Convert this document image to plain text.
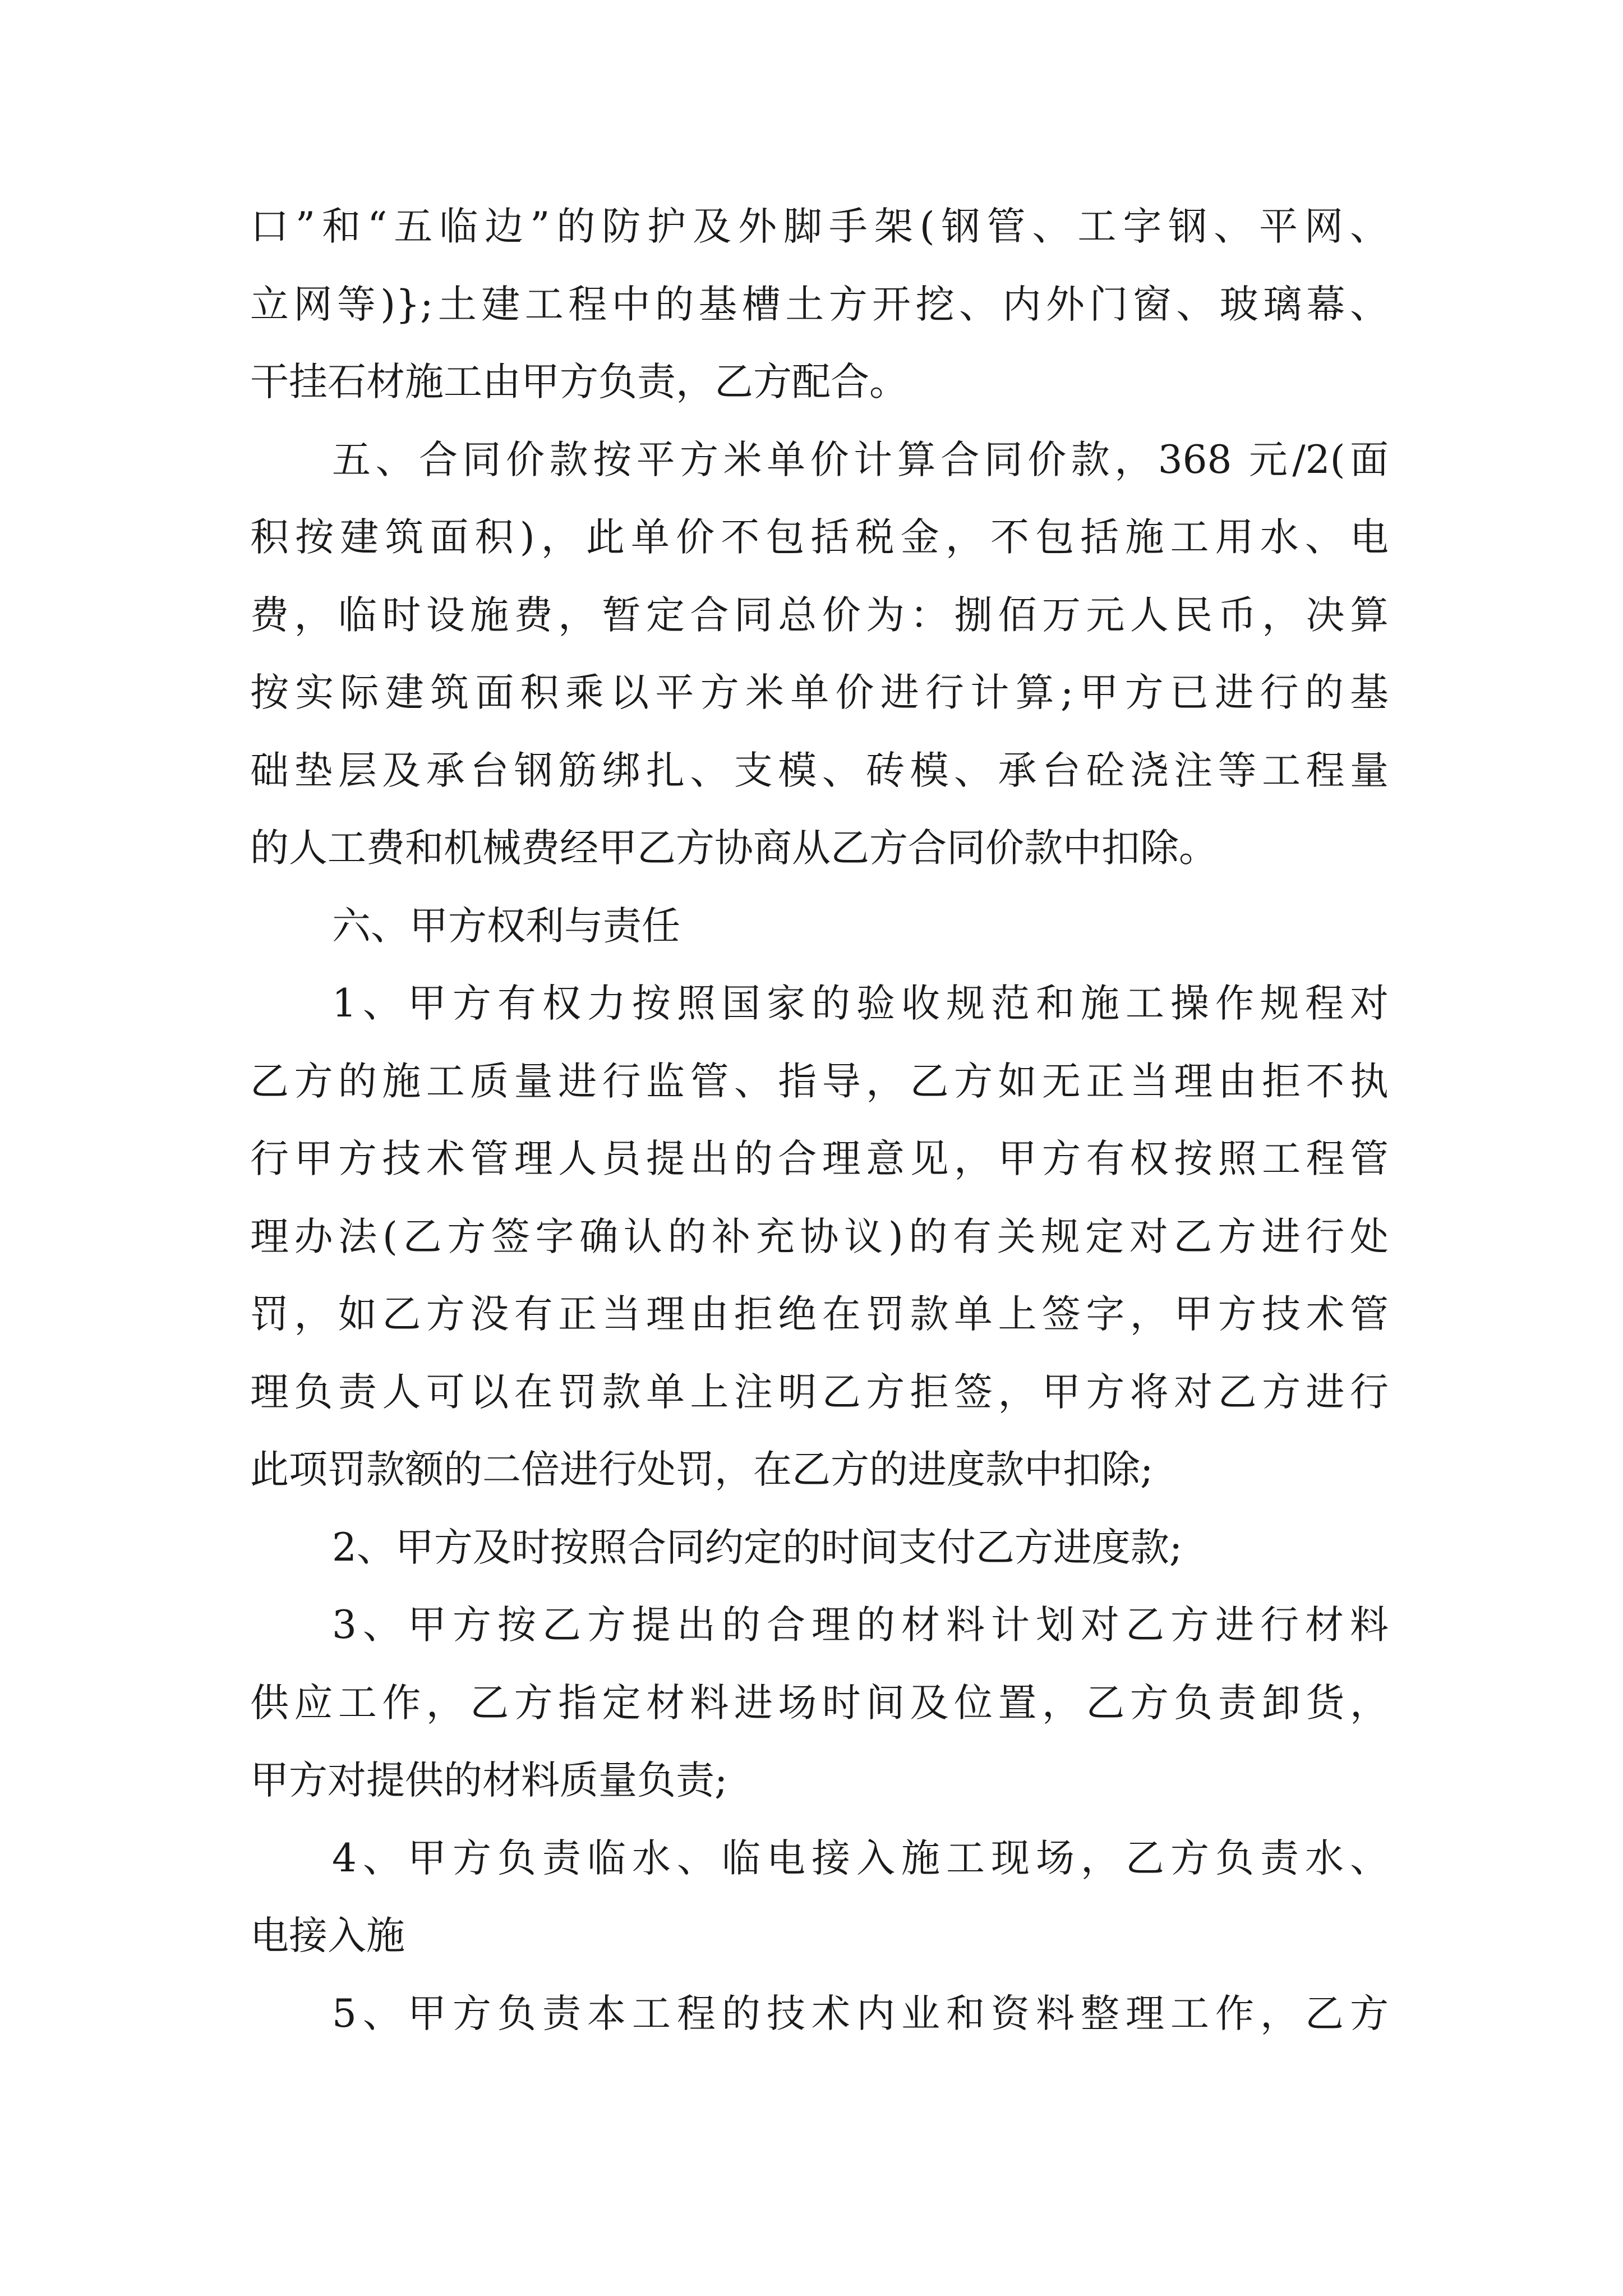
口”和“五临边”的防护及外脚手架(钢管、工字钢、平网、
立网等)};土建工程中的基槽土方开挖、内外门窗、玻璃幕、
干挂石材施工由甲方负责，乙方配合。
五、合同价款按平方米单价计算合同价款，368 元/2(面
积按建筑面积)，此单价不包括税金，不包括施工用水、电
费，临时设施费，暂定合同总价为：捌佰万元人民币，决算
按实际建筑面积乘以平方米单价进行计算;甲方已进行的基
础垫层及承台钢筋绑扎、支模、砖模、承台砼浇注等工程量
的人工费和机械费经甲乙方协商从乙方合同价款中扣除。
六、甲方权利与责任
1、甲方有权力按照国家的验收规范和施工操作规程对
乙方的施工质量进行监管、指导，乙方如无正当理由拒不执
行甲方技术管理人员提出的合理意见，甲方有权按照工程管
理办法(乙方签字确认的补充协议)的有关规定对乙方进行处
罚，如乙方没有正当理由拒绝在罚款单上签字，甲方技术管
理负责人可以在罚款单上注明乙方拒签，甲方将对乙方进行
此项罚款额的二倍进行处罚，在乙方的进度款中扣除;
2、甲方及时按照合同约定的时间支付乙方进度款;
3、甲方按乙方提出的合理的材料计划对乙方进行材料
供应工作，乙方指定材料进场时间及位置，乙方负责卸货，
甲方对提供的材料质量负责;
4、甲方负责临水、临电接入施工现场，乙方负责水、
电接入施
5、甲方负责本工程的技术内业和资料整理工作，乙方
